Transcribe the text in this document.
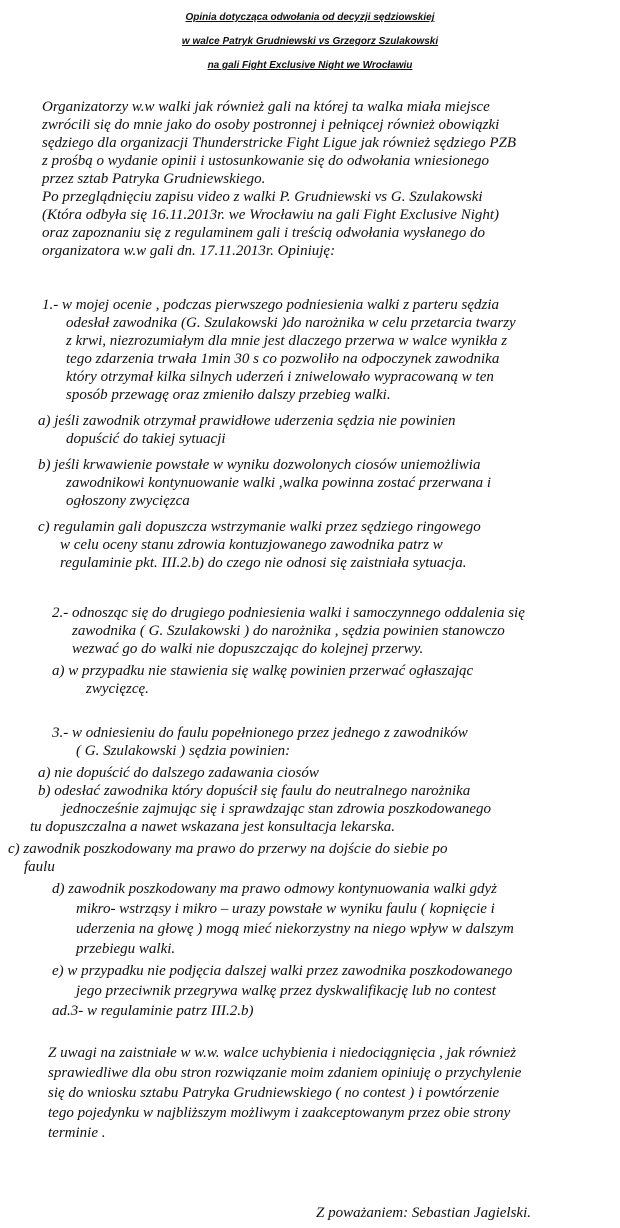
Opinia dotycząca odwołania od decyzji sędziowskiej
w walce Patryk Grudniewski vs Grzegorz Szulakowski
na gali Fight Exclusive Night we Wrocławiu
Organizatorzy w.w walki jak również gali na której ta walka miała miejsce
zwrócili się do mnie jako do osoby postronnej i pełniącej również obowiązki
sędziego dla organizacji Thunderstricke Fight Ligue jak również sędziego PZB
z prośbą o wydanie opinii i ustosunkowanie się do odwołania wniesionego
przez sztab Patryka Grudniewskiego.
Po przeglądnięciu zapisu video z walki P. Grudniewski vs G. Szulakowski
(Która odbyła się 16.11.2013r. we Wrocławiu na gali Fight Exclusive Night)
oraz zapoznaniu się z regulaminem gali i treścią odwołania wysłanego do
organizatora w.w gali dn. 17.11.2013r. Opiniuję:
1.- w mojej ocenie , podczas pierwszego podniesienia walki z parteru sędzia
odesłał zawodnika (G. Szulakowski )do narożnika w celu przetarcia twarzy
z krwi, niezrozumiałym dla mnie jest dlaczego przerwa w walce wynikła z
tego zdarzenia trwała 1min 30 s co pozwoliło na odpoczynek zawodnika
który otrzymał kilka silnych uderzeń i zniwelowało wypracowaną w ten
sposób przewagę oraz zmieniło dalszy przebieg walki.
a) jeśli zawodnik otrzymał prawidłowe uderzenia sędzia nie powinien
dopuścić do takiej sytuacji
b) jeśli krwawienie powstałe w wyniku dozwolonych ciosów uniemożliwia
zawodnikowi kontynuowanie walki ,walka powinna zostać przerwana i
ogłoszony zwycięzca
c) regulamin gali dopuszcza wstrzymanie walki przez sędziego ringowego
w celu oceny stanu zdrowia kontuzjowanego zawodnika patrz w
regulaminie pkt. III.2.b) do czego nie odnosi się zaistniała sytuacja.
2.- odnosząc się do drugiego podniesienia walki i samoczynnego oddalenia się
zawodnika ( G. Szulakowski ) do narożnika , sędzia powinien stanowczo
wezwać go do walki nie dopuszczając do kolejnej przerwy.
a) w przypadku nie stawienia się walkę powinien przerwać ogłaszając
zwycięzcę.
3.- w odniesieniu do faulu popełnionego przez jednego z zawodników
( G. Szulakowski ) sędzia powinien:
a) nie dopuścić do dalszego zadawania ciosów
b) odesłać zawodnika który dopuścił się faulu do neutralnego narożnika
jednocześnie zajmując się i sprawdzając stan zdrowia poszkodowanego
tu dopuszczalna a nawet wskazana jest konsultacja lekarska.
c) zawodnik poszkodowany ma prawo do przerwy na dojście do siebie po
faulu
d) zawodnik poszkodowany ma prawo odmowy kontynuowania walki gdyż
mikro- wstrząsy i mikro – urazy powstałe w wyniku faulu ( kopnięcie i
uderzenia na głowę ) mogą mieć niekorzystny na niego wpływ w dalszym
przebiegu walki.
e) w przypadku nie podjęcia dalszej walki przez zawodnika poszkodowanego
jego przeciwnik przegrywa walkę przez dyskwalifikację lub no contest
ad.3- w regulaminie patrz III.2.b)
Z uwagi na zaistniałe w w.w. walce uchybienia i niedociągnięcia , jak również
sprawiedliwe dla obu stron rozwiązanie moim zdaniem opiniuję o przychylenie
się do wniosku sztabu Patryka Grudniewskiego ( no contest ) i powtórzenie
tego pojedynku w najbliższym możliwym i zaakceptowanym przez obie strony
terminie .
Z poważaniem: Sebastian Jagielski.
